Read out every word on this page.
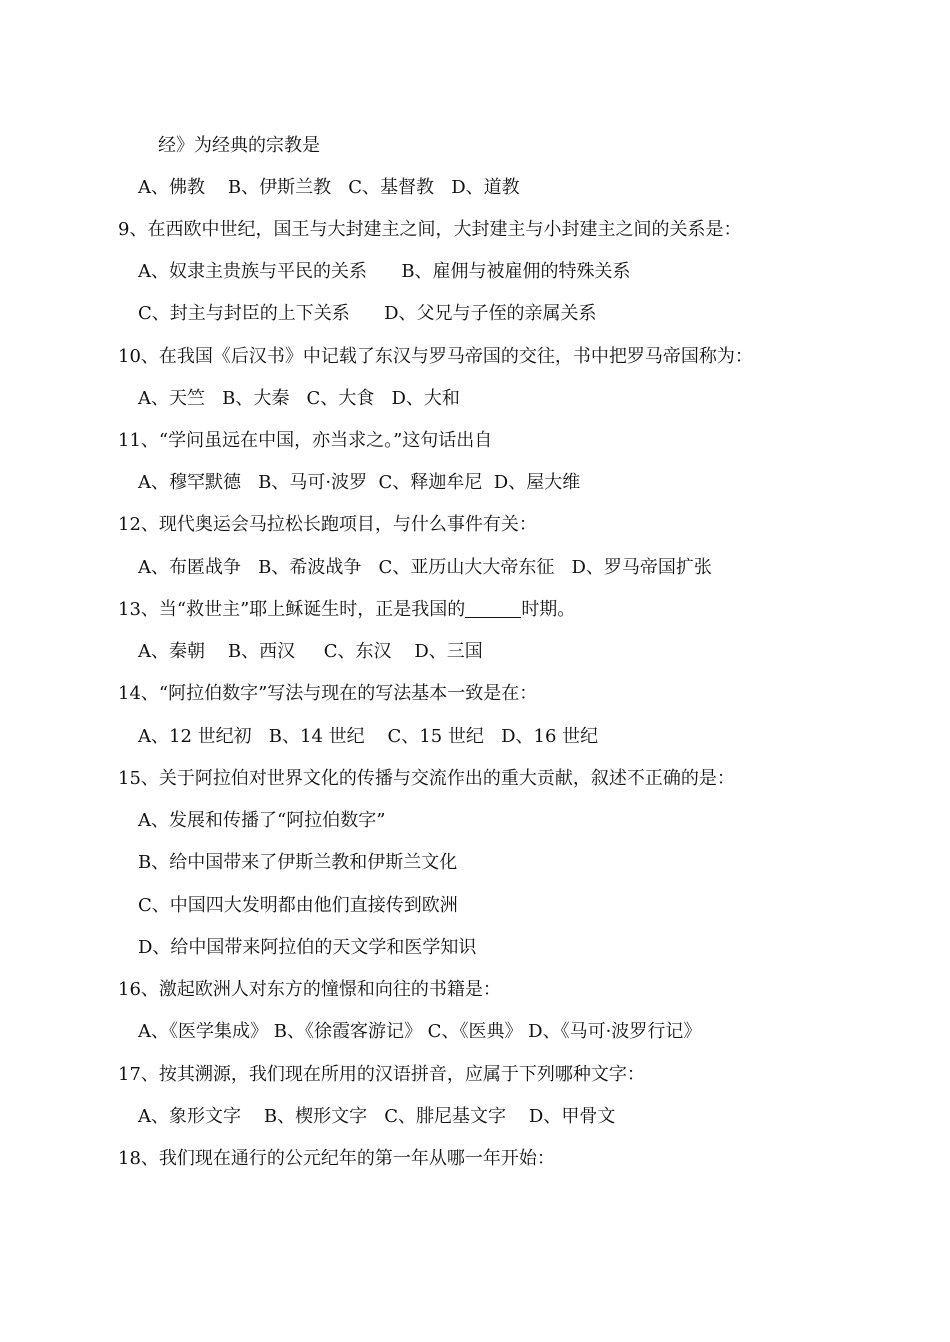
经》为经典的宗教是
A、佛教    B、伊斯兰教   C、基督教   D、道教
9、在西欧中世纪，国王与大封建主之间，大封建主与小封建主之间的关系是：
A、奴隶主贵族与平民的关系      B、雇佣与被雇佣的特殊关系
C、封主与封臣的上下关系      D、父兄与子侄的亲属关系
10、在我国《后汉书》中记载了东汉与罗马帝国的交往，书中把罗马帝国称为：
A、天竺   B、大秦   C、大食   D、大和
11、“学问虽远在中国，亦当求之。”这句话出自
A、穆罕默德   B、马可·波罗  C、释迦牟尼  D、屋大维
12、现代奥运会马拉松长跑项目，与什么事件有关：
A、布匿战争   B、希波战争   C、亚历山大大帝东征   D、罗马帝国扩张
13、当“救世主”耶上稣诞生时，正是我国的	时期。
A、秦朝    B、西汉     C、东汉    D、三国
14、“阿拉伯数字”写法与现在的写法基本一致是在：
A、12 世纪初   B、14 世纪    C、15 世纪   D、16 世纪
15、关于阿拉伯对世界文化的传播与交流作出的重大贡献，叙述不正确的是：
A、发展和传播了“阿拉伯数字”
B、给中国带来了伊斯兰教和伊斯兰文化
C、中国四大发明都由他们直接传到欧洲
D、给中国带来阿拉伯的天文学和医学知识
16、激起欧洲人对东方的憧憬和向往的书籍是：
A、《医学集成》 B、《徐霞客游记》 C、《医典》 D、《马可·波罗行记》
17、按其溯源，我们现在所用的汉语拼音，应属于下列哪种文字：
A、象形文字    B、楔形文字   C、腓尼基文字    D、甲骨文
18、我们现在通行的公元纪年的第一年从哪一年开始：
